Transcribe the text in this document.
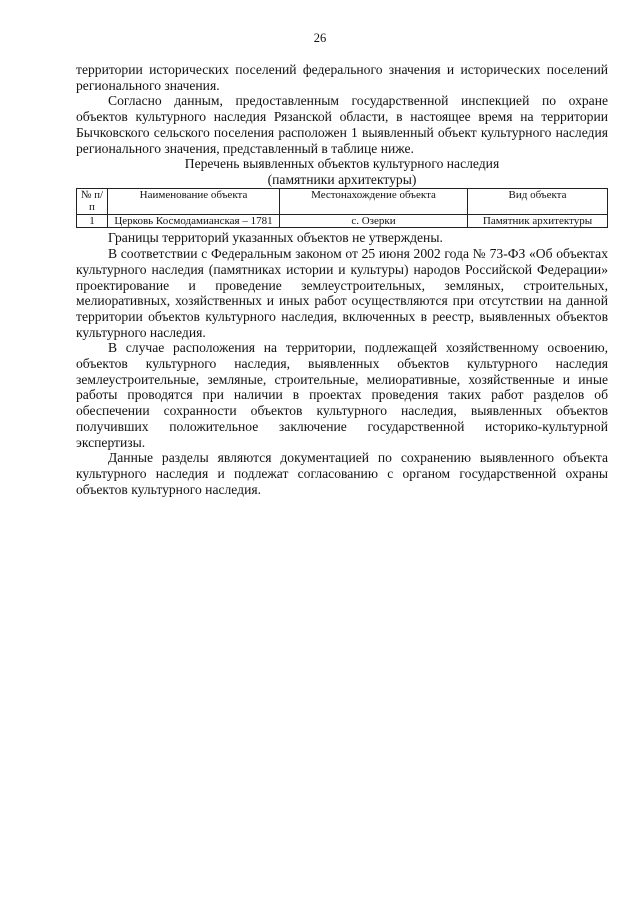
26

территории исторических поселений федерального значения и исторических поселений регионального значения.

Согласно данным, предоставленным государственной инспекцией по охране объектов культурного наследия Рязанской области, в настоящее время на территории Бычковского сельского поселения расположен 1 выявленный объект культурного наследия регионального значения, представленный в таблице ниже.

Перечень выявленных объектов культурного наследия

(памятники архитектуры)

№ п/п	Наименование объекта	Местонахождение объекта	Вид объекта
1	Церковь Космодамианская – 1781	с. Озерки	Памятник архитектуры

Границы территорий указанных объектов не утверждены.

В соответствии с Федеральным законом от 25 июня 2002 года № 73-ФЗ «Об объектах культурного наследия (памятниках истории и культуры) народов Российской Федерации» проектирование и проведение землеустроительных, земляных, строительных, мелиоративных, хозяйственных и иных работ осуществляются при отсутствии на данной территории объектов культурного наследия, включенных в реестр, выявленных объектов культурного наследия.

В случае расположения на территории, подлежащей хозяйственному освоению, объектов культурного наследия, выявленных объектов культурного наследия землеустроительные, земляные, строительные, мелиоративные, хозяйственные и иные работы проводятся при наличии в проектах проведения таких работ разделов об обеспечении сохранности объектов культурного наследия, выявленных объектов получивших положительное заключение государственной историко-культурной экспертизы.

Данные разделы являются документацией по сохранению выявленного объекта культурного наследия и подлежат согласованию с органом государственной охраны объектов культурного наследия.
